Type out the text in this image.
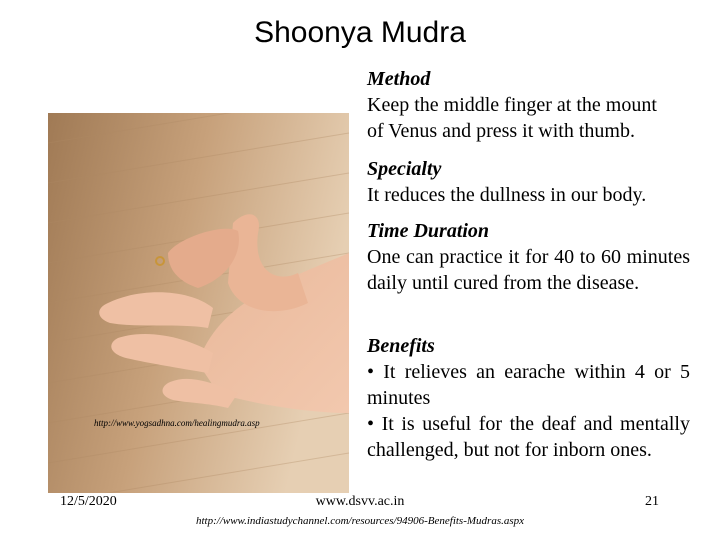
Shoonya Mudra
http://www.yogsadhna.com/healingmudra.asp
Method
Keep the middle finger at the mount
of Venus and press it with thumb.
Specialty
It reduces the dullness in our body.
Time Duration
One can practice it for 40 to 60 minutes daily until cured from the disease.
Benefits
• It relieves an earache within 4 or 5 minutes
• It is useful for the deaf and mentally challenged, but not for inborn ones.
12/5/2020	www.dsvv.ac.in
http://www.indiastudychannel.com/resources/94906-Benefits-Mudras.aspx
21
